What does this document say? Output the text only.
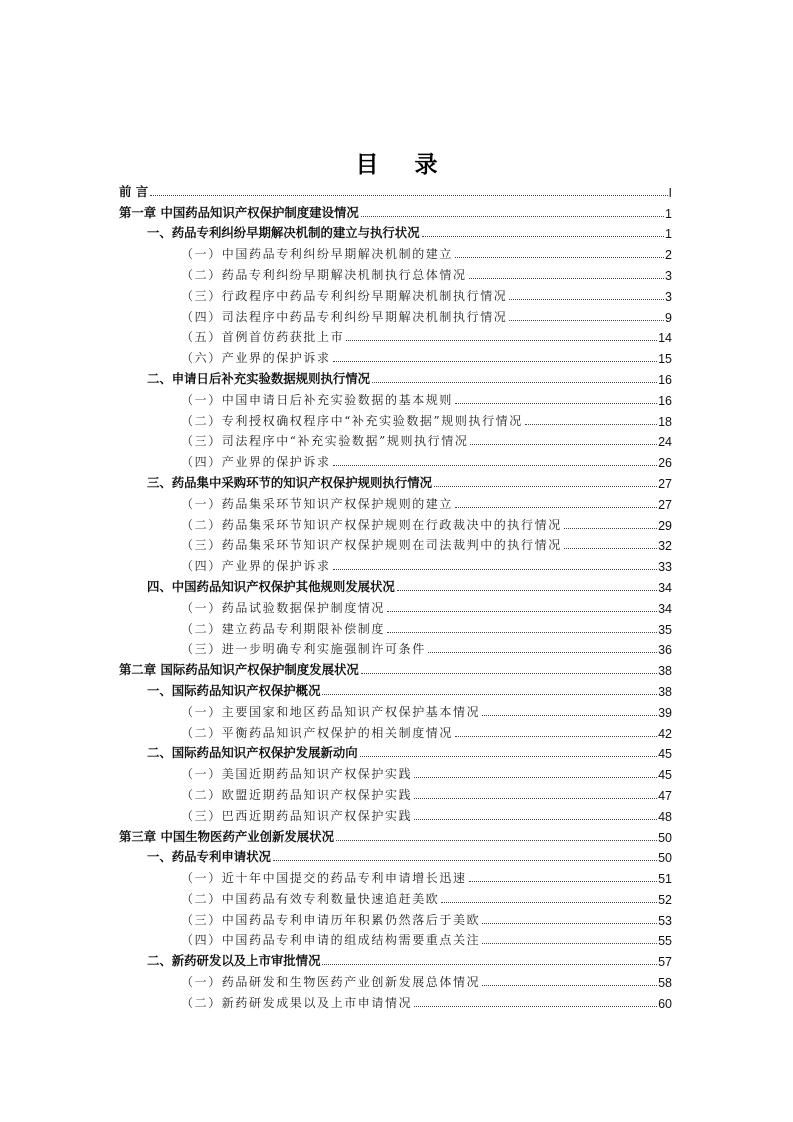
目 录
前 言	I
第一章 中国药品知识产权保护制度建设情况	1
一、药品专利纠纷早期解决机制的建立与执行状况	1
（一）中国药品专利纠纷早期解决机制的建立	2
（二）药品专利纠纷早期解决机制执行总体情况	3
（三）行政程序中药品专利纠纷早期解决机制执行情况	3
（四）司法程序中药品专利纠纷早期解决机制执行情况	9
（五）首例首仿药获批上市	14
（六）产业界的保护诉求	15
二、申请日后补充实验数据规则执行情况	16
（一）中国申请日后补充实验数据的基本规则	16
（二）专利授权确权程序中“补充实验数据”规则执行情况	18
（三）司法程序中“补充实验数据”规则执行情况	24
（四）产业界的保护诉求	26
三、药品集中采购环节的知识产权保护规则执行情况	27
（一）药品集采环节知识产权保护规则的建立	27
（二）药品集采环节知识产权保护规则在行政裁决中的执行情况	29
（三）药品集采环节知识产权保护规则在司法裁判中的执行情况	32
（四）产业界的保护诉求	33
四、中国药品知识产权保护其他规则发展状况	34
（一）药品试验数据保护制度情况	34
（二）建立药品专利期限补偿制度	35
（三）进一步明确专利实施强制许可条件	36
第二章 国际药品知识产权保护制度发展状况	38
一、国际药品知识产权保护概况	38
（一）主要国家和地区药品知识产权保护基本情况	39
（二）平衡药品知识产权保护的相关制度情况	42
二、国际药品知识产权保护发展新动向	45
（一）美国近期药品知识产权保护实践	45
（二）欧盟近期药品知识产权保护实践	47
（三）巴西近期药品知识产权保护实践	48
第三章 中国生物医药产业创新发展状况	50
一、药品专利申请状况	50
（一）近十年中国提交的药品专利申请增长迅速	51
（二）中国药品有效专利数量快速追赶美欧	52
（三）中国药品专利申请历年积累仍然落后于美欧	53
（四）中国药品专利申请的组成结构需要重点关注	55
二、新药研发以及上市审批情况	57
（一）药品研发和生物医药产业创新发展总体情况	58
（二）新药研发成果以及上市申请情况	60
